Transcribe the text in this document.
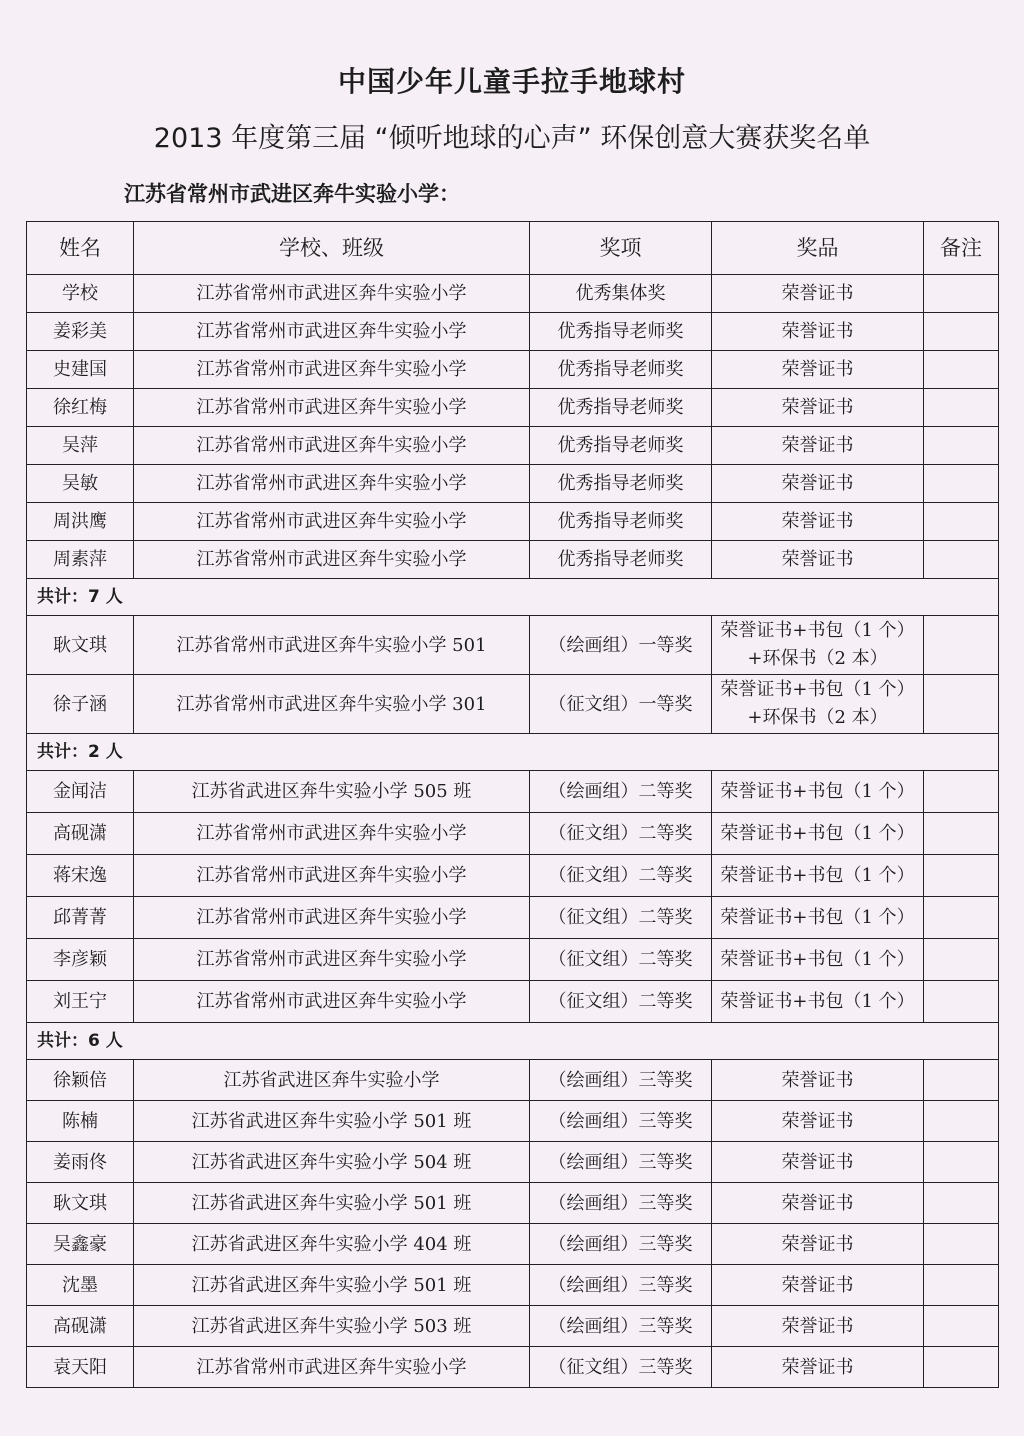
中国少年儿童手拉手地球村
2013 年度第三届 “倾听地球的心声” 环保创意大赛获奖名单
江苏省常州市武进区奔牛实验小学：
姓名	学校、班级	奖项	奖品	备注
学校	江苏省常州市武进区奔牛实验小学	优秀集体奖	荣誉证书	
姜彩美	江苏省常州市武进区奔牛实验小学	优秀指导老师奖	荣誉证书	
史建国	江苏省常州市武进区奔牛实验小学	优秀指导老师奖	荣誉证书	
徐红梅	江苏省常州市武进区奔牛实验小学	优秀指导老师奖	荣誉证书	
吴萍	江苏省常州市武进区奔牛实验小学	优秀指导老师奖	荣誉证书	
吴敏	江苏省常州市武进区奔牛实验小学	优秀指导老师奖	荣誉证书	
周洪鹰	江苏省常州市武进区奔牛实验小学	优秀指导老师奖	荣誉证书	
周素萍	江苏省常州市武进区奔牛实验小学	优秀指导老师奖	荣誉证书	
共计：7 人				
耿文琪	江苏省常州市武进区奔牛实验小学 501	（绘画组）一等奖	荣誉证书+书包（1 个）
+环保书（2 本）	

徐子涵	江苏省常州市武进区奔牛实验小学 301	（征文组）一等奖	荣誉证书+书包（1 个）
+环保书（2 本）	

共计：2 人				
金闻洁	江苏省武进区奔牛实验小学 505 班	（绘画组）二等奖	荣誉证书+书包（1 个）	
高砚潇	江苏省常州市武进区奔牛实验小学	（征文组）二等奖	荣誉证书+书包（1 个）	
蒋宋逸	江苏省常州市武进区奔牛实验小学	（征文组）二等奖	荣誉证书+书包（1 个）	
邱菁菁	江苏省常州市武进区奔牛实验小学	（征文组）二等奖	荣誉证书+书包（1 个）	
李彦颖	江苏省常州市武进区奔牛实验小学	（征文组）二等奖	荣誉证书+书包（1 个）	
刘王宁	江苏省常州市武进区奔牛实验小学	（征文组）二等奖	荣誉证书+书包（1 个）	
共计：6 人				
徐颖倍	江苏省武进区奔牛实验小学	（绘画组）三等奖	荣誉证书	
陈楠	江苏省武进区奔牛实验小学 501 班	（绘画组）三等奖	荣誉证书	
姜雨佟	江苏省武进区奔牛实验小学 504 班	（绘画组）三等奖	荣誉证书	
耿文琪	江苏省武进区奔牛实验小学 501 班	（绘画组）三等奖	荣誉证书	
吴鑫豪	江苏省武进区奔牛实验小学 404 班	（绘画组）三等奖	荣誉证书	
沈墨	江苏省武进区奔牛实验小学 501 班	（绘画组）三等奖	荣誉证书	
高砚潇	江苏省武进区奔牛实验小学 503 班	（绘画组）三等奖	荣誉证书	
袁天阳	江苏省常州市武进区奔牛实验小学	（征文组）三等奖	荣誉证书	
